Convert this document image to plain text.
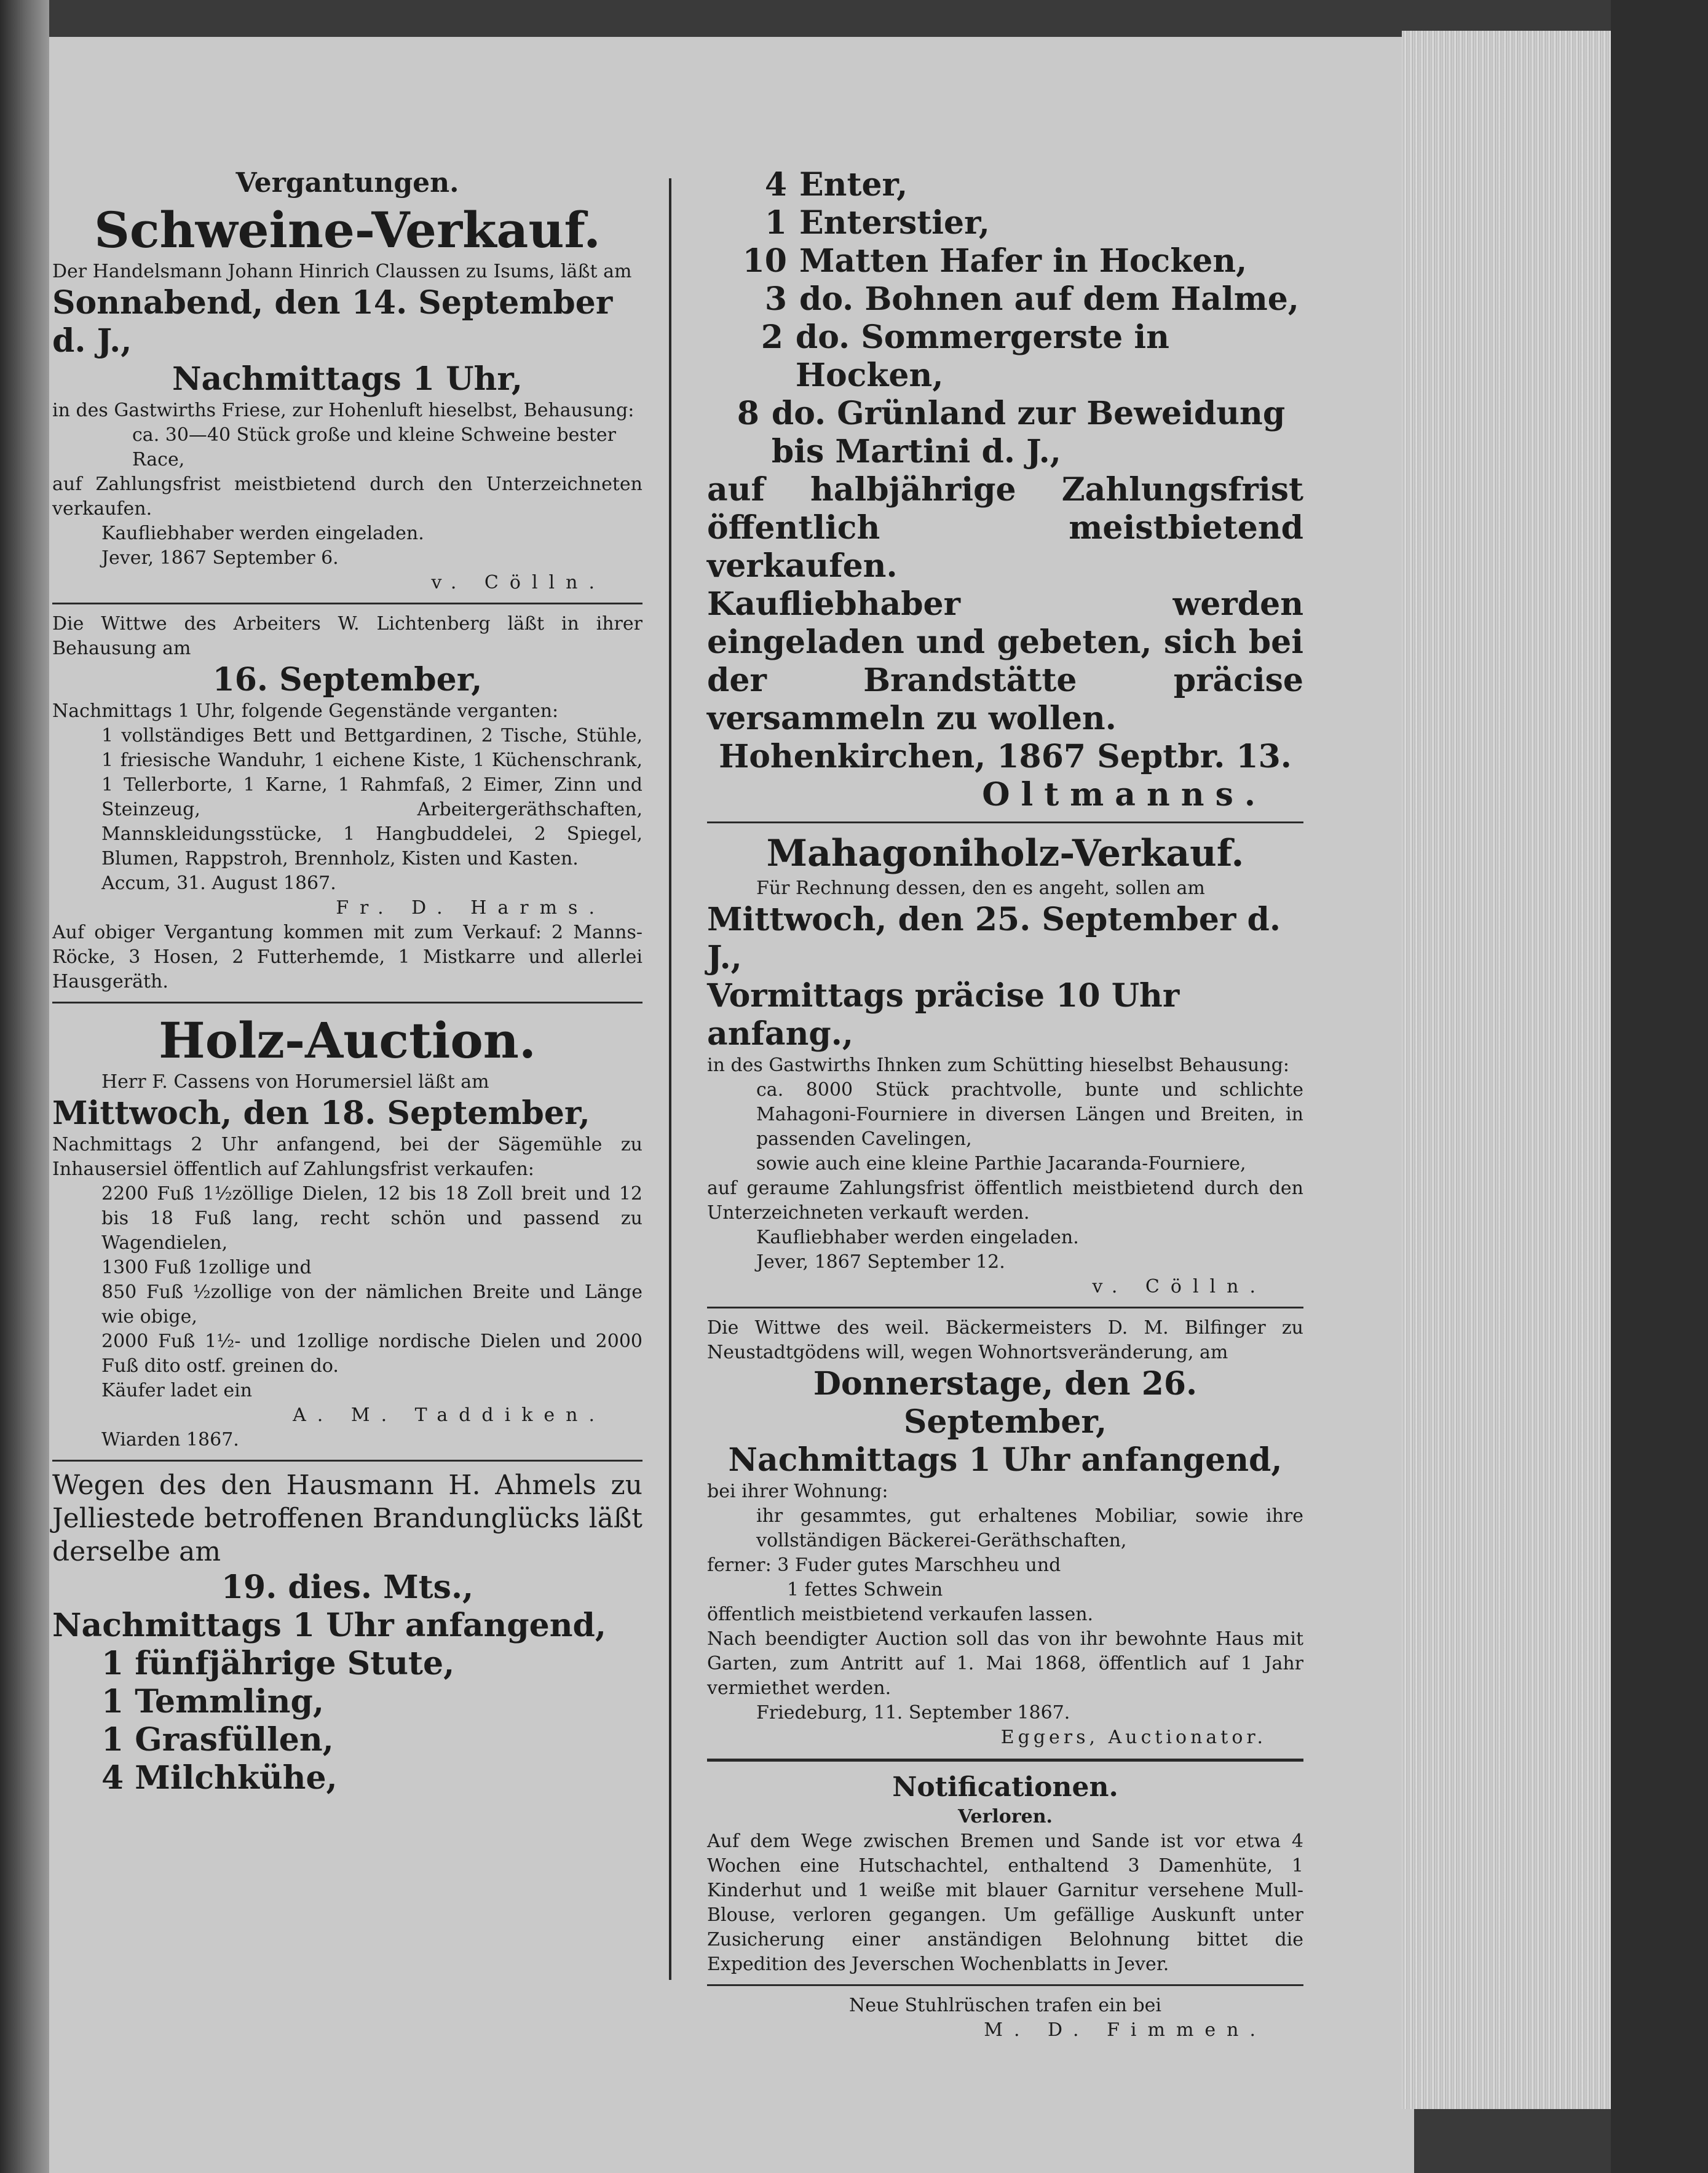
Vergantungen.
Schweine-Verkauf.
Der Handelsmann Johann Hinrich Claussen zu Isums, läßt am
Sonnabend, den 14. September d. J.,
Nachmittags 1 Uhr,
in des Gastwirths Friese, zur Hohenluft hieselbst, Behausung:
ca. 30—40 Stück große und kleine Schweine bester Race,
auf Zahlungsfrist meistbietend durch den Unterzeichneten verkaufen.
Kaufliebhaber werden eingeladen.
Jever, 1867 September 6.
v. Cölln.
Die Wittwe des Arbeiters W. Lichtenberg läßt in ihrer Behausung am
16. September,
Nachmittags 1 Uhr, folgende Gegenstände verganten:
1 vollständiges Bett und Bettgardinen, 2 Tische, Stühle, 1 friesische Wanduhr, 1 eichene Kiste, 1 Küchenschrank, 1 Tellerborte, 1 Karne, 1 Rahmfaß, 2 Eimer, Zinn und Steinzeug, Arbeitergeräthschaften, Mannskleidungsstücke, 1 Hangbuddelei, 2 Spiegel, Blumen, Rappstroh, Brennholz, Kisten und Kasten.
Accum, 31. August 1867.
Fr. D. Harms.
Auf obiger Vergantung kommen mit zum Verkauf: 2 Manns-Röcke, 3 Hosen, 2 Futterhemde, 1 Mistkarre und allerlei Hausgeräth.
Holz-Auction.
Herr F. Cassens von Horumersiel läßt am
Mittwoch, den 18. September,
Nachmittags 2 Uhr anfangend, bei der Sägemühle zu Inhausersiel öffentlich auf Zahlungsfrist verkaufen:
2200 Fuß 1½zöllige Dielen, 12 bis 18 Zoll breit und 12 bis 18 Fuß lang, recht schön und passend zu Wagendielen,
1300 Fuß 1zollige und
850 Fuß ½zollige von der nämlichen Breite und Länge wie obige,
2000 Fuß 1½- und 1zollige nordische Dielen und 2000 Fuß dito ostf. greinen do.
Käufer ladet ein
A. M. Taddiken.
Wiarden 1867.
Wegen des den Hausmann H. Ahmels zu Jelliestede betroffenen Brandunglücks läßt derselbe am
19. dies. Mts.,
Nachmittags 1 Uhr anfangend,
1 fünfjährige Stute,
1 Temmling,
1 Grasfüllen,
4 Milchkühe,
4 Enter,
1 Enterstier,
10 Matten Hafer in Hocken,
3 do. Bohnen auf dem Halme,
2 do. Sommergerste in Hocken,
8 do. Grünland zur Beweidung bis Martini d. J.,
auf halbjährige Zahlungsfrist öffentlich meistbietend verkaufen.
Kaufliebhaber werden eingeladen und gebeten, sich bei der Brandstätte präcise versammeln zu wollen.
Hohenkirchen, 1867 Septbr. 13.
Oltmanns.
Mahagoniholz-Verkauf.
Für Rechnung dessen, den es angeht, sollen am
Mittwoch, den 25. September d. J.,
Vormittags präcise 10 Uhr anfang.,
in des Gastwirths Ihnken zum Schütting hieselbst Behausung:
ca. 8000 Stück prachtvolle, bunte und schlichte Mahagoni-Fourniere in diversen Längen und Breiten, in passenden Cavelingen,
sowie auch eine kleine Parthie Jacaranda-Fourniere,
auf geraume Zahlungsfrist öffentlich meistbietend durch den Unterzeichneten verkauft werden.
Kaufliebhaber werden eingeladen.
Jever, 1867 September 12.
v. Cölln.
Die Wittwe des weil. Bäckermeisters D. M. Bilfinger zu Neustadtgödens will, wegen Wohnortsveränderung, am
Donnerstage, den 26. September,
Nachmittags 1 Uhr anfangend,
bei ihrer Wohnung:
ihr gesammtes, gut erhaltenes Mobiliar, sowie ihre vollständigen Bäckerei-Geräthschaften,
ferner: 3 Fuder gutes Marschheu und
1 fettes Schwein
öffentlich meistbietend verkaufen lassen.
Nach beendigter Auction soll das von ihr bewohnte Haus mit Garten, zum Antritt auf 1. Mai 1868, öffentlich auf 1 Jahr vermiethet werden.
Friedeburg, 11. September 1867.
Eggers, Auctionator.
Notificationen.
Verloren.
Auf dem Wege zwischen Bremen und Sande ist vor etwa 4 Wochen eine Hutschachtel, enthaltend 3 Damenhüte, 1 Kinderhut und 1 weiße mit blauer Garnitur versehene Mull-Blouse, verloren gegangen. Um gefällige Auskunft unter Zusicherung einer anständigen Belohnung bittet die Expedition des Jeverschen Wochenblatts in Jever.
Neue Stuhlrüschen trafen ein bei
M. D. Fimmen.
